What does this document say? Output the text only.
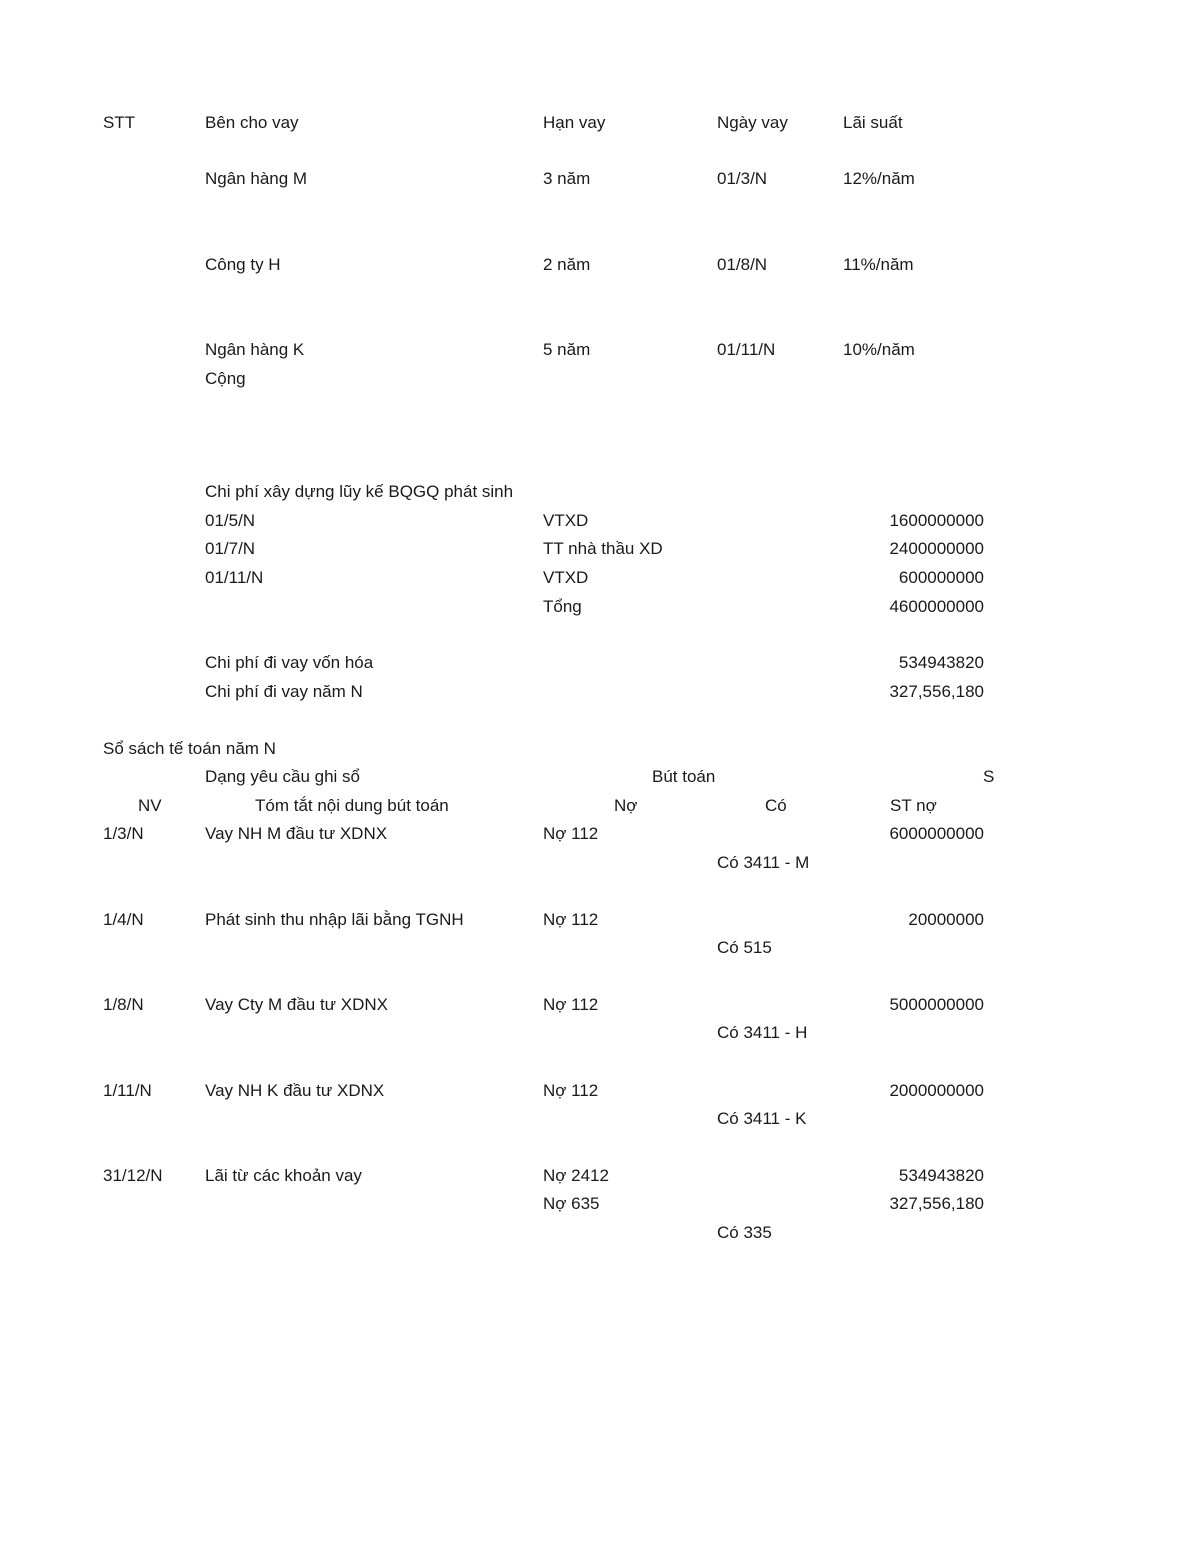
STT	Bên cho vay	Hạn vay	Ngày vay	Lãi suất
Ngân hàng M	3 năm	01/3/N	12%/năm
Công ty H	2 năm	01/8/N	11%/năm
Ngân hàng K	5 năm	01/11/N	10%/năm
Cộng
Chi phí xây dựng lũy kế BQGQ phát sinh
01/5/N	VTXD	1600000000
01/7/N	TT nhà thầu XD	2400000000
01/11/N	VTXD	600000000
Tổng	4600000000
Chi phí đi vay vốn hóa	534943820
Chi phí đi vay năm N	327,556,180
Sổ sách tế toán năm N
Dạng yêu cầu ghi sổ	Bút toán	S
NV	Tóm tắt nội dung bút toán	Nợ	Có	ST nợ
1/3/N	Vay NH M đầu tư XDNX	Nợ 112	6000000000
Có 3411 - M
1/4/N	Phát sinh thu nhập lãi bằng TGNH	Nợ 112	20000000
Có 515
1/8/N	Vay Cty M đầu tư XDNX	Nợ 112	5000000000
Có 3411 - H
1/11/N	Vay NH K đầu tư XDNX	Nợ 112	2000000000
Có 3411 - K
31/12/N Lãi từ các khoản vay	Nợ 2412	534943820
Nợ 635	327,556,180
Có 335
